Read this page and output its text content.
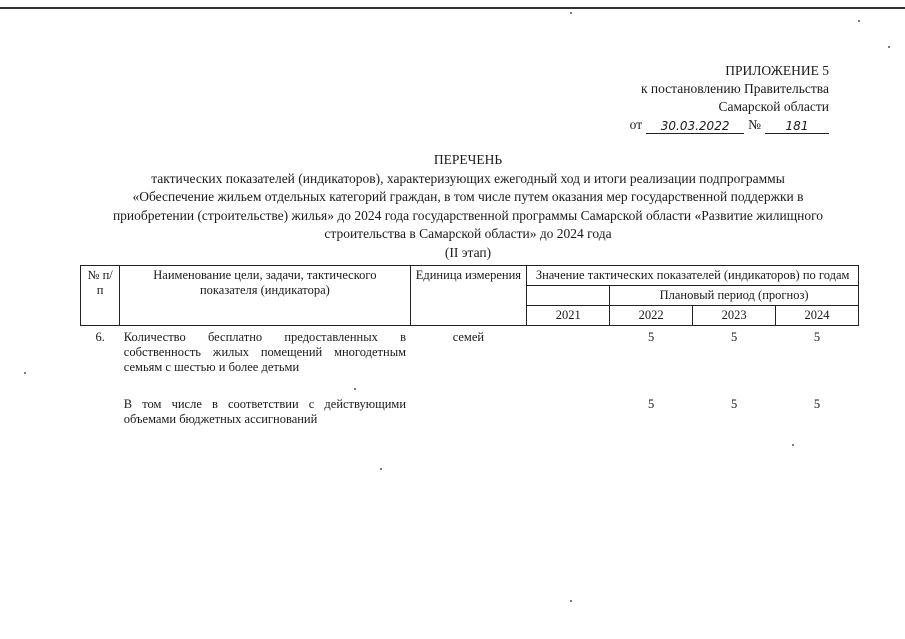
ПРИЛОЖЕНИЕ 5
к постановлению Правительства
Самарской области
от	30.03.2022	№	181
ПЕРЕЧЕНЬ
тактических показателей (индикаторов), характеризующих ежегодный ход и итоги реализации подпрограммы
«Обеспечение жильем отдельных категорий граждан, в том числе путем оказания мер государственной поддержки в
приобретении (строительстве) жилья» до 2024 года государственной программы Самарской области «Развитие жилищного
строительства в Самарской области» до 2024 года
(II этап)
№ п/п	Наименование цели, задачи, тактического показателя (индикатора)	Единица измерения	Значение тактических показателей (индикаторов) по годам			
				Плановый период (прогноз)		
			2021	2022	2023	2024
6.	Количество бесплатно предоставленных в собственность жилых помещений многодетным семьям с шестью и более детьми	семей		5	5	5

	В том числе в соответствии с действующими объемами бюджетных ассигнований			5	5	5
